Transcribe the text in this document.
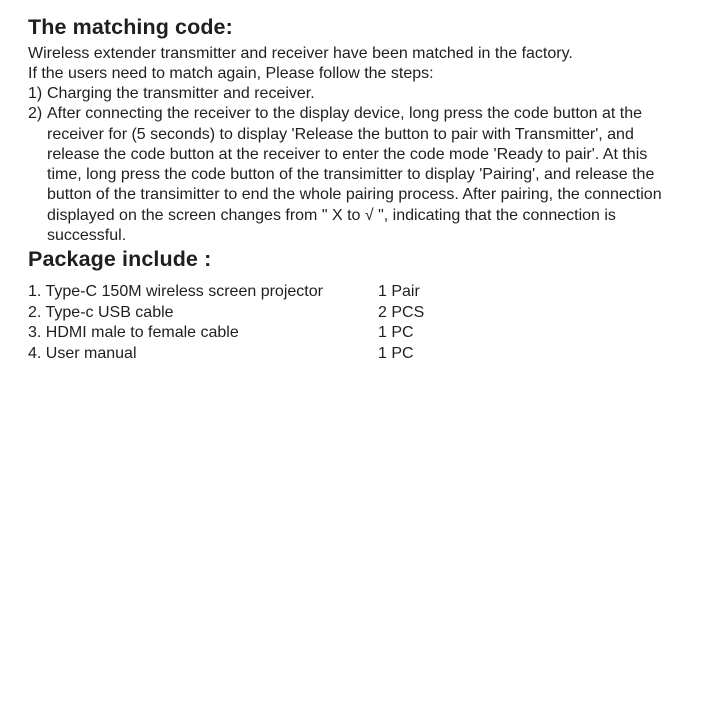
The matching code:

Wireless extender transmitter and receiver have been matched in the factory.

If the users need to match again, Please follow the steps:

1) Charging the transmitter and receiver.
2) After connecting the receiver to the display device, long press the code button at the
receiver for (5 seconds) to display 'Release the button to pair with Transmitter', and
release the code button at the receiver to enter the code mode 'Ready to pair'. At this
time, long press the code button of the transimitter to display 'Pairing', and release the
button of the transimitter to end the whole pairing process. After pairing, the connection
displayed on the screen changes from " X to √ ", indicating that the connection is
successful.
Package include :
1. Type-C 150M wireless screen projector	1 Pair
2. Type-c USB cable	2 PCS
3. HDMI male to female cable	1 PC
4. User manual	1 PC
